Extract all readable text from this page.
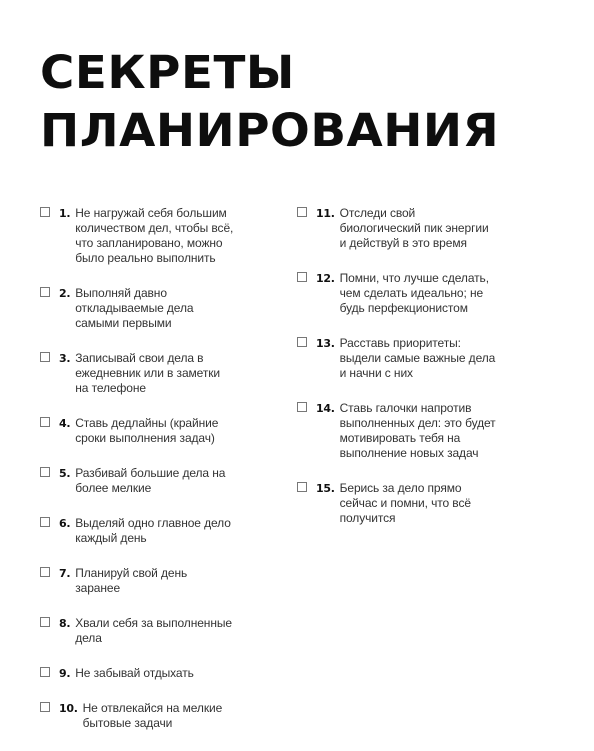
СЕКРЕТЫ
ПЛАНИРОВАНИЯ
1. Не нагружай себя большим
количеством дел, чтобы всё,
что запланировано, можно
было реально выполнить
2. Выполняй давно
откладываемые дела
самыми первыми
3. Записывай свои дела в
ежедневник или в заметки
на телефоне
4. Ставь дедлайны (крайние
сроки выполнения задач)
5. Разбивай большие дела на
более мелкие
6. Выделяй одно главное дело
каждый день
7. Планируй свой день
заранее
8. Хвали себя за выполненные
дела
9. Не забывай отдыхать
10. Не отвлекайся на мелкие
бытовые задачи
11. Отследи свой
биологический пик энергии
и действуй в это время
12. Помни, что лучше сделать,
чем сделать идеально; не
будь перфекционистом
13. Расставь приоритеты:
выдели самые важные дела
и начни с них
14. Ставь галочки напротив
выполненных дел: это будет
мотивировать тебя на
выполнение новых задач
15. Берись за дело прямо
сейчас и помни, что всё
получится
